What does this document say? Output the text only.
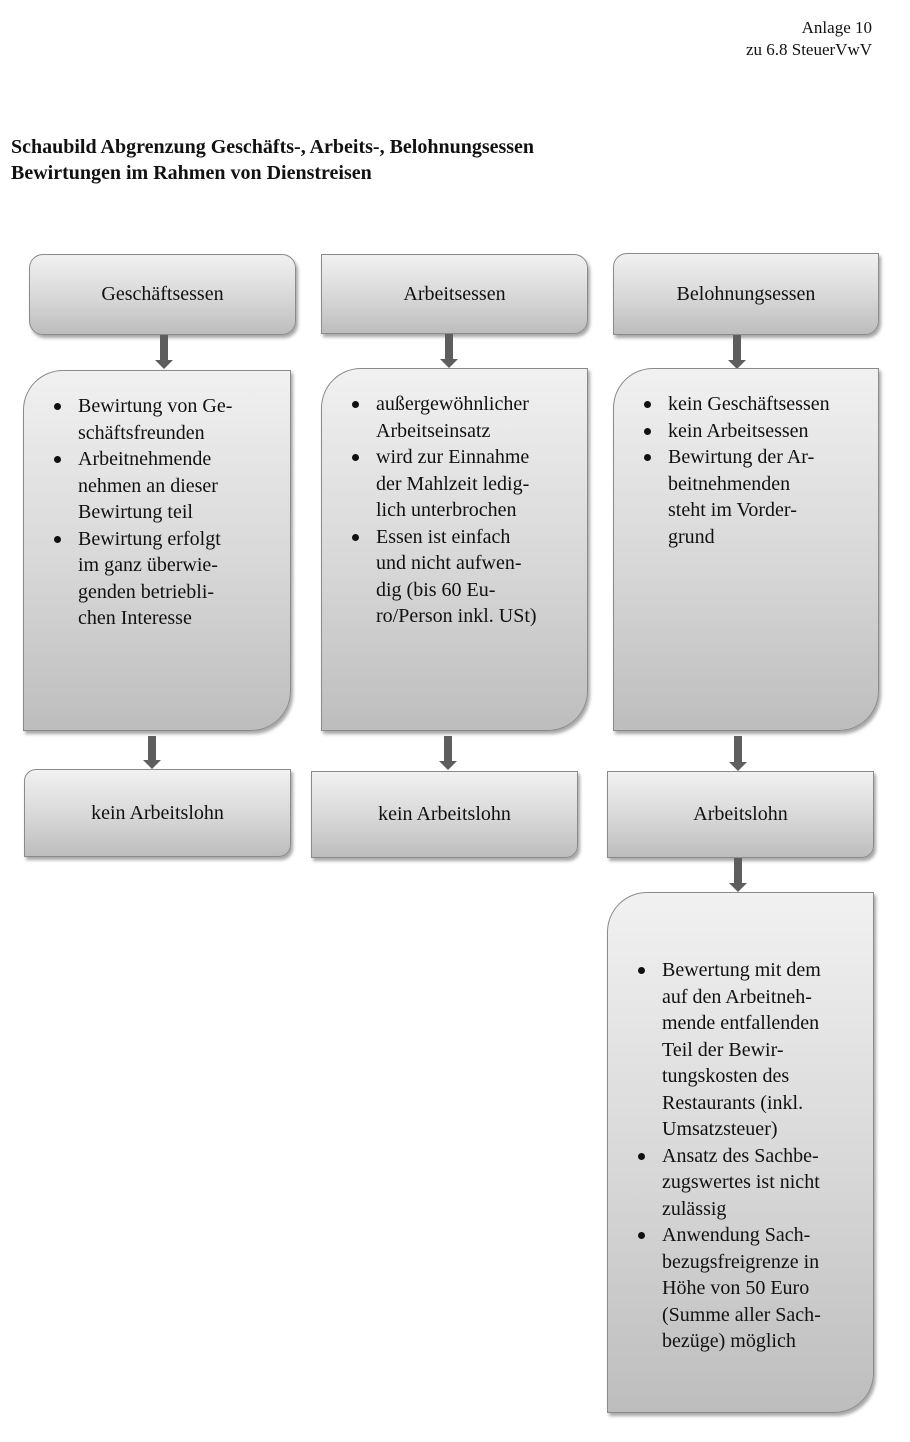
Anlage 10
zu 6.8 SteuerVwV
Schaubild Abgrenzung Geschäfts-, Arbeits-, Belohnungsessen
Bewirtungen im Rahmen von Dienstreisen
Geschäftsessen
Bewirtung von Ge-
schäftsfreunden
Arbeitnehmende
nehmen an dieser
Bewirtung teil
Bewirtung erfolgt
im ganz überwie-
genden betriebli-
chen Interesse
kein Arbeitslohn
Arbeitsessen
außergewöhnlicher
Arbeitseinsatz
wird zur Einnahme
der Mahlzeit ledig-
lich unterbrochen
Essen ist einfach
und nicht aufwen-
dig (bis 60 Eu-
ro/Person inkl. USt)
kein Arbeitslohn
Belohnungsessen
kein Geschäftsessen
kein Arbeitsessen
Bewirtung der Ar-
beitnehmenden
steht im Vorder-
grund
Arbeitslohn
Bewertung mit dem
auf den Arbeitneh-
mende entfallenden
Teil der Bewir-
tungskosten des
Restaurants (inkl.
Umsatzsteuer)
Ansatz des Sachbe-
zugswertes ist nicht
zulässig
Anwendung Sach-
bezugsfreigrenze in
Höhe von 50 Euro
(Summe aller Sach-
bezüge) möglich
